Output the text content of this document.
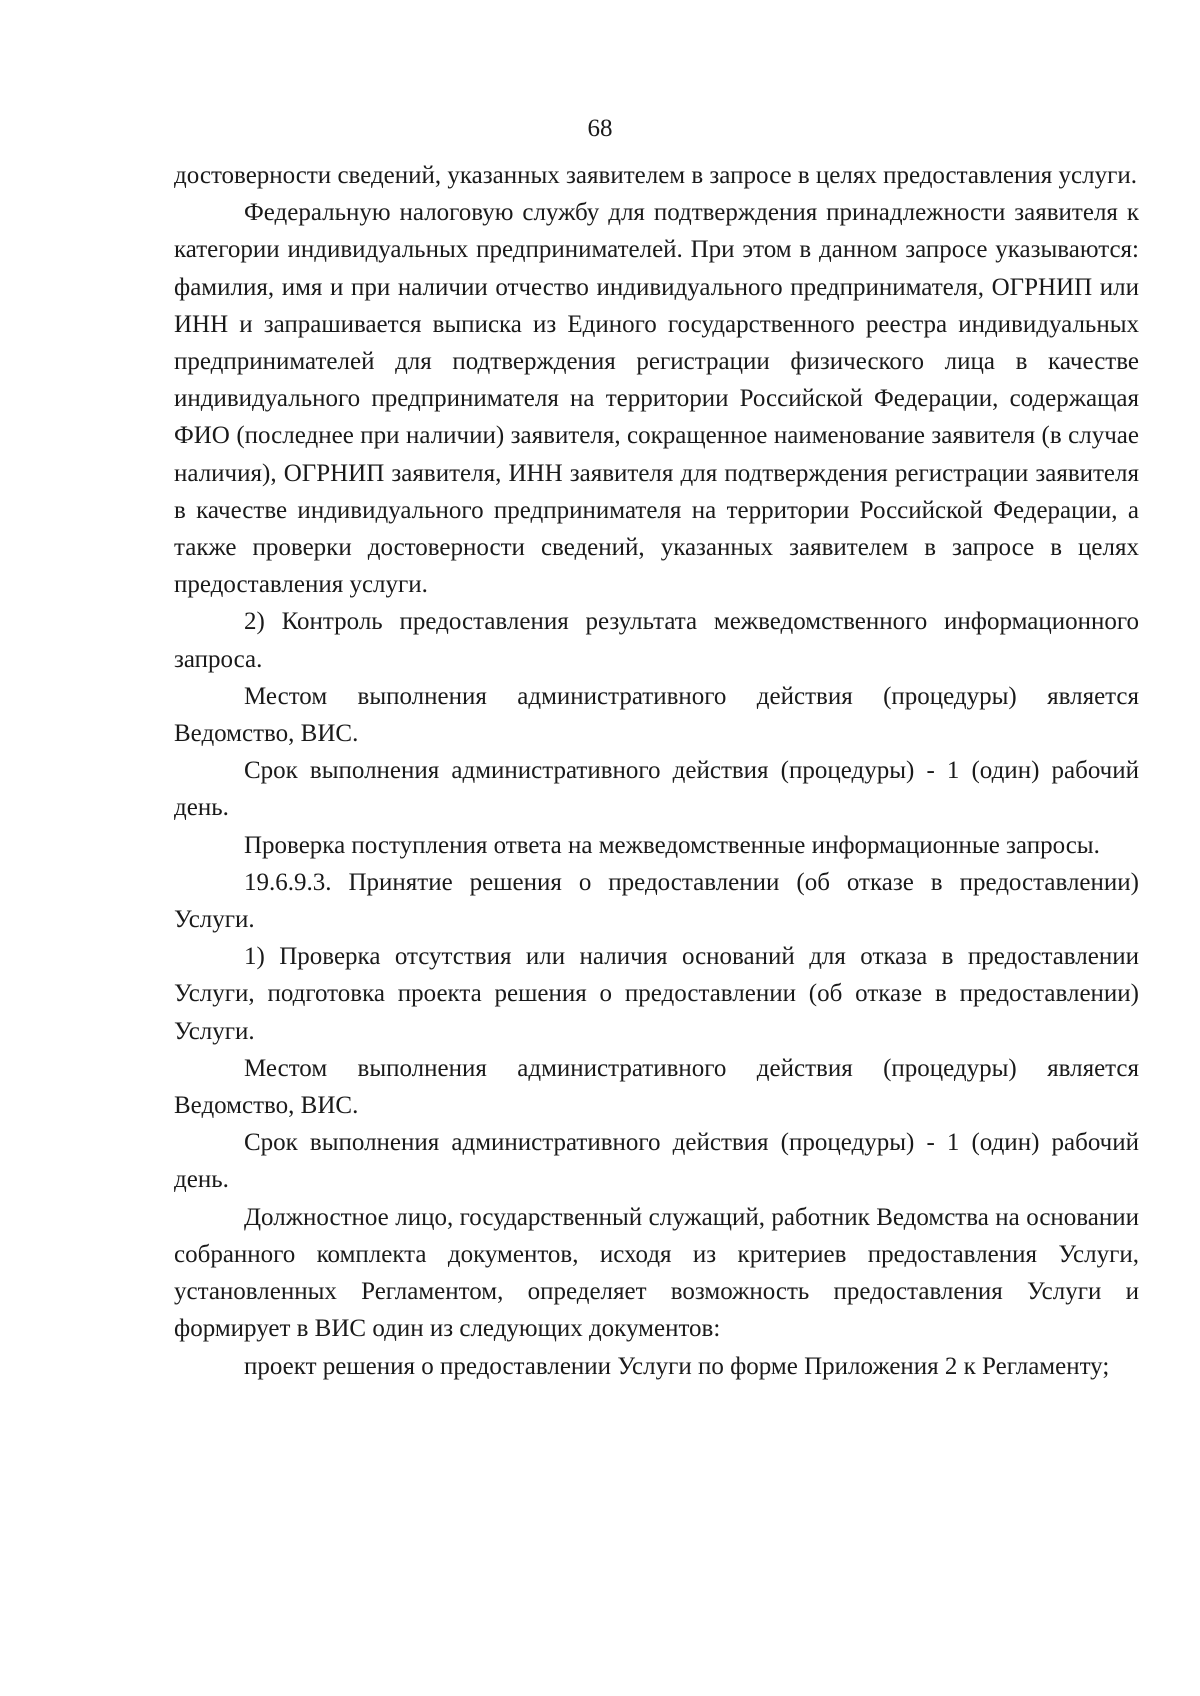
68

достоверности сведений, указанных заявителем в запросе в целях предоставления услуги.

Федеральную налоговую службу для подтверждения принадлежности заявителя к категории индивидуальных предпринимателей. При этом в данном запросе указываются: фамилия, имя и при наличии отчество индивидуального предпринимателя, ОГРНИП или ИНН и запрашивается выписка из Единого государственного реестра индивидуальных предпринимателей для подтверждения регистрации физического лица в качестве индивидуального предпринимателя на территории Российской Федерации, содержащая ФИО (последнее при наличии) заявителя, сокращенное наименование заявителя (в случае наличия), ОГРНИП заявителя, ИНН заявителя для подтверждения регистрации заявителя в качестве индивидуального предпринимателя на территории Российской Федерации, а также проверки достоверности сведений, указанных заявителем в запросе в целях предоставления услуги.

2) Контроль предоставления результата межведомственного информационного запроса.

Местом выполнения административного действия (процедуры) является Ведомство, ВИС.

Срок выполнения административного действия (процедуры) - 1 (один) рабочий день.

Проверка поступления ответа на межведомственные информационные запросы.

19.6.9.3. Принятие решения о предоставлении (об отказе в предоставлении) Услуги.

1) Проверка отсутствия или наличия оснований для отказа в предоставлении Услуги, подготовка проекта решения о предоставлении (об отказе в предоставлении) Услуги.

Местом выполнения административного действия (процедуры) является Ведомство, ВИС.

Срок выполнения административного действия (процедуры) - 1 (один) рабочий день.

Должностное лицо, государственный служащий, работник Ведомства на основании собранного комплекта документов, исходя из критериев предоставления Услуги, установленных Регламентом, определяет возможность предоставления Услуги и формирует в ВИС один из следующих документов:

проект решения о предоставлении Услуги по форме Приложения 2 к Регламенту;
